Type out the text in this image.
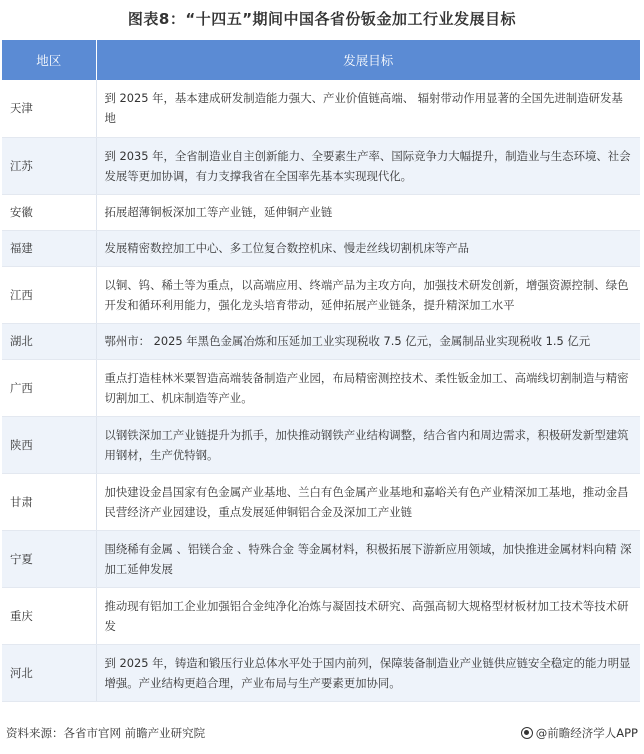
图表8：“十四五”期间中国各省份钣金加工行业发展目标
地区	发展目标
天津	到 2025 年，基本建成研发制造能力强大、产业价值链高端、 辐射带动作用显著的全国先进制造研发基地
江苏	到 2035 年，全省制造业自主创新能力、全要素生产率、国际竞争力大幅提升，制造业与生态环境、社会发展等更加协调，有力支撑我省在全国率先基本实现现代化。
安徽	拓展超薄铜板深加工等产业链，延伸铜产业链
福建	发展精密数控加工中心、多工位复合数控机床、慢走丝线切割机床等产品
江西	以铜、钨、稀土等为重点，以高端应用、终端产品为主攻方向，加强技术研发创新，增强资源控制、绿色开发和循环利用能力，强化龙头培育带动，延伸拓展产业链条，提升精深加工水平
湖北	鄂州市： 2025 年黑色金属冶炼和压延加工业实现税收 7.5 亿元，金属制品业实现税收 1.5 亿元
广西	重点打造桂林米粟智造高端装备制造产业园，布局精密测控技术、柔性钣金加工、高端线切割制造与精密切割加工、机床制造等产业。
陕西	以钢铁深加工产业链提升为抓手，加快推动钢铁产业结构调整，结合省内和周边需求，积极研发新型建筑用钢材，生产优特钢。
甘肃	加快建设金昌国家有色金属产业基地、兰白有色金属产业基地和嘉峪关有色产业精深加工基地，推动金昌民营经济产业园建设，重点发展延伸铜铝合金及深加工产业链
宁夏	围绕稀有金属 、铝镁合金 、特殊合金 等金属材料，积极拓展下游新应用领域，加快推进金属材料向精 深加工延伸发展
重庆	推动现有铝加工企业加强铝合金纯净化冶炼与凝固技术研究、高强高韧大规格型材板材加工技术等技术研发
河北	到 2025 年，铸造和锻压行业总体水平处于国内前列，保障装备制造业产业链供应链安全稳定的能力明显增强。产业结构更趋合理，产业布局与生产要素更加协同。
资料来源：各省市官网 前瞻产业研究院	@前瞻经济学人APP
